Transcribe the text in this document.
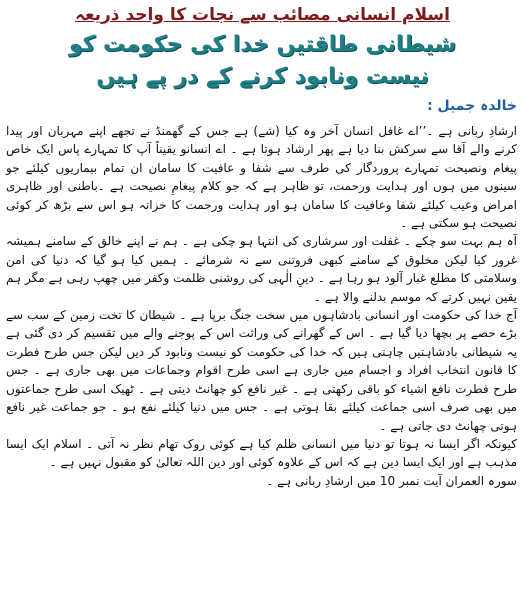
اسلام انسانی مصائب سے نجات کا واحد ذریعہ
شیطانی طاقتیں خدا کی حکومت کو
نیست ونابود کرنے کے در پے ہیں
خالدہ جمیل :

ارشادِ ربانی ہے ۔’’اے غافل انسان آخر وہ کیا (شے) ہے جس کے گھمنڈ نے تجھے اپنے مہربان اور پیدا کرنے والے آقا سے سرکش بنا دیا ہے پھر ارشاد ہوتا ہے ۔ اے انسانو یقیناً آپ کا تمہارے پاس ایک خاص پیغام ونصیحت تمہارے پروردگار کی طرف سے شفا و عافیت کا سامان ان تمام بیماریوں کیلئے جو سینوں میں ہوں اور ہدایت ورحمت، تو ظاہر ہے کہ جو کلام پیغامِ نصیحت ہے ۔باطنی اور ظاہری امراض وعیب کیلئے شفا وعافیت کا سامان ہو اور ہدایت ورحمت کا خزانہ ہو اس سے بڑھ کر کوئی نصیحت ہو سکتی ہے ۔

آہ ہم بہت سو چکے ۔ غفلت اور سرشاری کی انتہا ہو چکی ہے ۔ ہم نے اپنے خالق کے سامنے ہمیشہ غرور کیا لیکن مخلوق کے سامنے کبھی فروتنی سے نہ شرمائے ۔ ہمیں کیا ہو گیا کہ دنیا کی امن وسلامتی کا مطلع غبار آلود ہو رہا ہے ۔ دینِ الٰہی کی روشنی ظلمت وکفر میں چھپ رہی ہے مگر ہم یقین نہیں کرتے کہ موسم بدلنے والا ہے ۔

آج خدا کی حکومت اور انسانی بادشاہوں میں سخت جنگ برپا ہے ۔ شیطان کا تخت زمین کے سب سے بڑے حصے پر بچھا دیا گیا ہے ۔ اس کے گھرانے کی وراثت اس کے پوجنے والے میں تقسیم کر دی گئی ہے یہ شیطانی بادشاہتیں چاہتی ہیں کہ خدا کی حکومت کو نیست ونابود کر دیں لیکن جس طرح فطرت کا قانون انتخاب افراد و اجسام میں جاری ہے اسی طرح اقوام وجماعات میں بھی جاری ہے ۔ جس طرح فطرت نافع اشیاء کو باقی رکھتی ہے ۔ غیر نافع کو چھانٹ دیتی ہے ۔ ٹھیک اسی طرح جماعتوں میں بھی صرف اسی جماعت کیلئے بقا ہوتی ہے ۔ جس میں دنیا کیلئے نفع ہو ۔ جو جماعت غیر نافع ہوتی چھانٹ دی جاتی ہے ۔

کیونکہ اگر ایسا نہ ہوتا تو دنیا میں انسانی ظلم کیا ہے کوئی روک تھام نظر نہ آتی ۔ اسلام ایک ایسا مذہب ہے اور ایک ایسا دین ہے کہ اس کے علاوہ کوئی اور دین اللہ تعالیٰ کو مقبول نہیں ہے ۔

سورہ العمران آیت نمبر 10 میں ارشادِ ربانی ہے ۔
